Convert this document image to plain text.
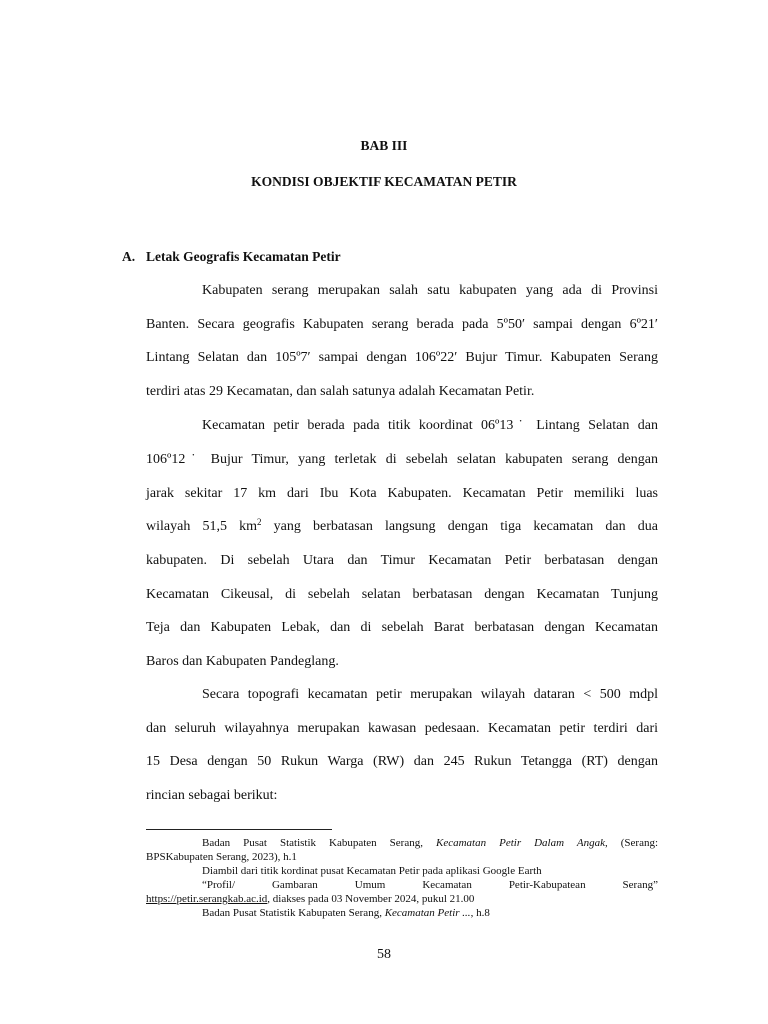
BAB III
KONDISI OBJEKTIF KECAMATAN PETIR
A. Letak Geografis Kecamatan Petir
Kabupaten serang merupakan salah satu kabupaten yang ada di Provinsi
Banten. Secara geografis Kabupaten serang berada pada 5º50′ sampai dengan 6º21′
Lintang Selatan dan 105º7′ sampai dengan 106º22′ Bujur Timur. Kabupaten Serang
terdiri atas 29 Kecamatan, dan salah satunya adalah Kecamatan Petir.
Kecamatan petir berada pada titik koordinat 06º13˙ Lintang Selatan dan
106º12˙ Bujur Timur, yang terletak di sebelah selatan kabupaten serang dengan
jarak sekitar 17 km dari Ibu Kota Kabupaten. Kecamatan Petir memiliki luas
wilayah 51,5 $km^2$ yang berbatasan langsung dengan tiga kecamatan dan dua
kabupaten. Di sebelah Utara dan Timur Kecamatan Petir berbatasan dengan
Kecamatan Cikeusal, di sebelah selatan berbatasan dengan Kecamatan Tunjung
Teja dan Kabupaten Lebak, dan di sebelah Barat berbatasan dengan Kecamatan
Baros dan Kabupaten Pandeglang.
Secara topografi kecamatan petir merupakan wilayah dataran < 500 mdpl
dan seluruh wilayahnya merupakan kawasan pedesaan. Kecamatan petir terdiri dari
15 Desa dengan 50 Rukun Warga (RW) dan 245 Rukun Tetangga (RT) dengan
rincian sebagai berikut:
Badan Pusat Statistik Kabupaten Serang, Kecamatan Petir Dalam Angak, (Serang:
BPSKabupaten Serang, 2023), h.1
Diambil dari titik kordinat pusat Kecamatan Petir pada aplikasi Google Earth
“Profil/ Gambaran Umum Kecamatan Petir-Kabupatean Serang”
https://petir.serangkab.ac.id, diakses pada 03 November 2024, pukul 21.00
Badan Pusat Statistik Kabupaten Serang, Kecamatan Petir ..., h.8
58
